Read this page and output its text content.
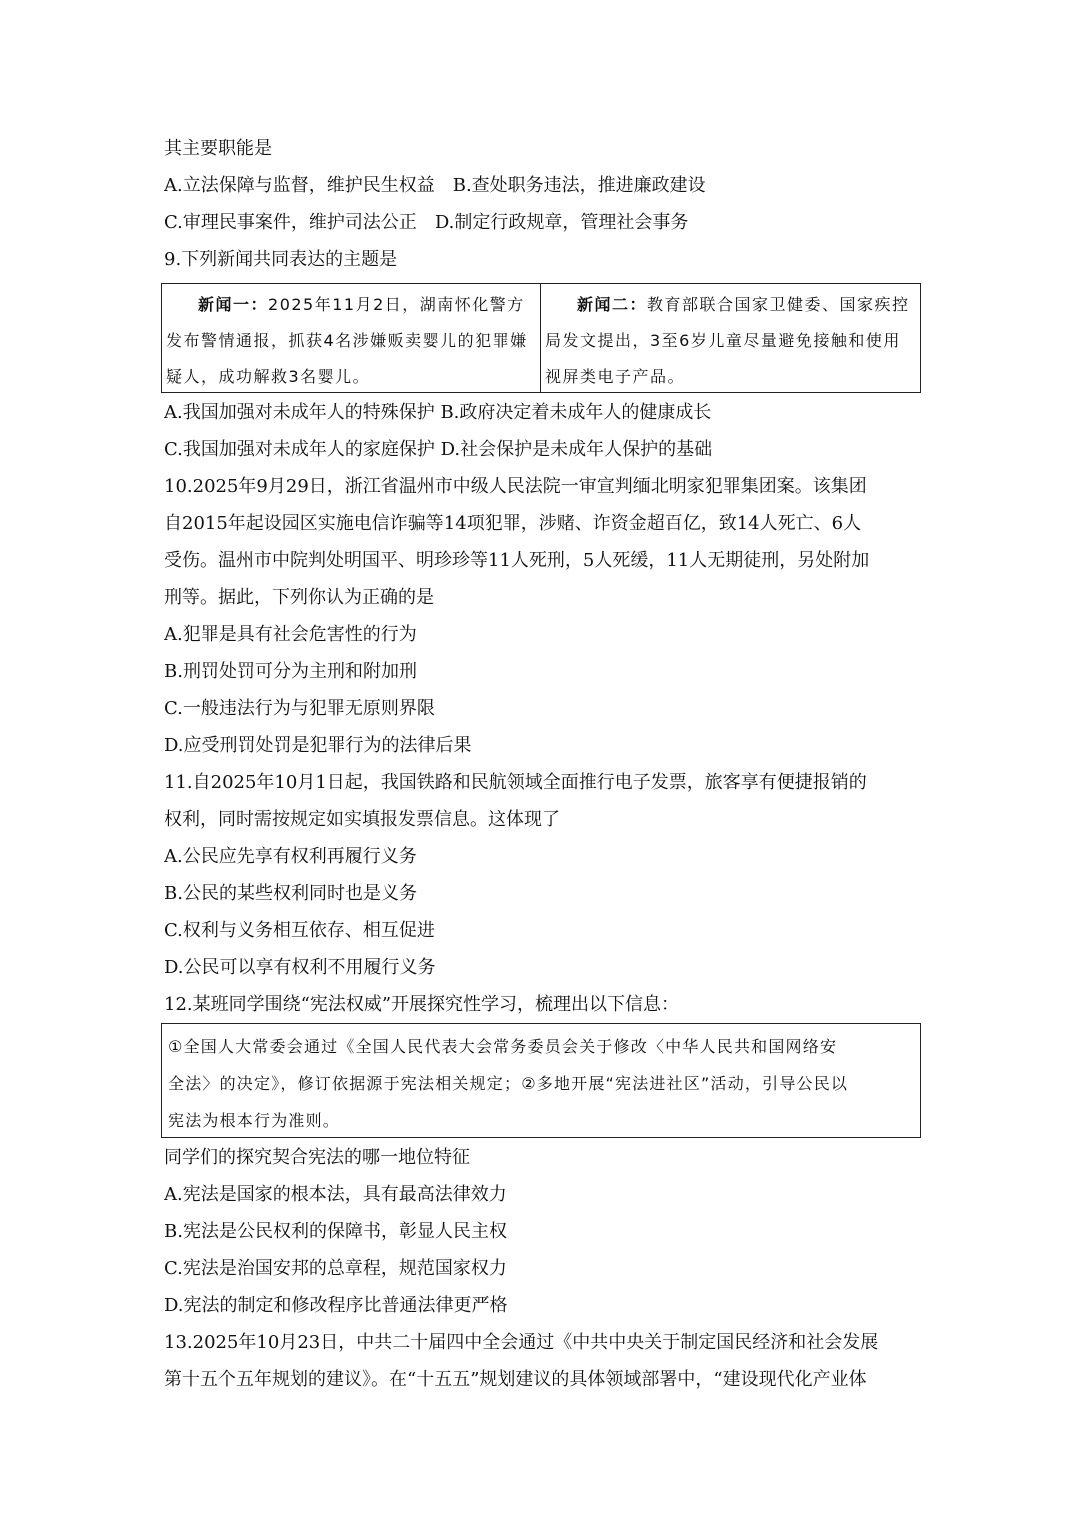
其主要职能是
A.立法保障与监督，维护民生权益　B.查处职务违法，推进廉政建设
C.审理民事案件，维护司法公正　D.制定行政规章，管理社会事务
9.下列新闻共同表达的主题是
新闻一：2025年11月2日，湖南怀化警方发布警情通报，抓获4名涉嫌贩卖婴儿的犯罪嫌疑人，成功解救3名婴儿。
新闻二：教育部联合国家卫健委、国家疾控局发文提出，3至6岁儿童尽量避免接触和使用视屏类电子产品。
A.我国加强对未成年人的特殊保护 B.政府决定着未成年人的健康成长
C.我国加强对未成年人的家庭保护 D.社会保护是未成年人保护的基础
10.2025年9月29日，浙江省温州市中级人民法院一审宣判缅北明家犯罪集团案。该集团
自2015年起设园区实施电信诈骗等14项犯罪，涉赌、诈资金超百亿，致14人死亡、6人
受伤。温州市中院判处明国平、明珍珍等11人死刑，5人死缓，11人无期徒刑，另处附加
刑等。据此，下列你认为正确的是
A.犯罪是具有社会危害性的行为
B.刑罚处罚可分为主刑和附加刑
C.一般违法行为与犯罪无原则界限
D.应受刑罚处罚是犯罪行为的法律后果
11.自2025年10月1日起，我国铁路和民航领域全面推行电子发票，旅客享有便捷报销的
权利，同时需按规定如实填报发票信息。这体现了
A.公民应先享有权利再履行义务
B.公民的某些权利同时也是义务
C.权利与义务相互依存、相互促进
D.公民可以享有权利不用履行义务
12.某班同学围绕“宪法权威”开展探究性学习，梳理出以下信息：
①全国人大常委会通过《全国人民代表大会常务委员会关于修改〈中华人民共和国网络安
全法〉的决定》，修订依据源于宪法相关规定；②多地开展“宪法进社区”活动，引导公民以
宪法为根本行为准则。
同学们的探究契合宪法的哪一地位特征
A.宪法是国家的根本法，具有最高法律效力
B.宪法是公民权利的保障书，彰显人民主权
C.宪法是治国安邦的总章程，规范国家权力
D.宪法的制定和修改程序比普通法律更严格
13.2025年10月23日，中共二十届四中全会通过《中共中央关于制定国民经济和社会发展
第十五个五年规划的建议》。在“十五五”规划建议的具体领域部署中，“建设现代化产业体
